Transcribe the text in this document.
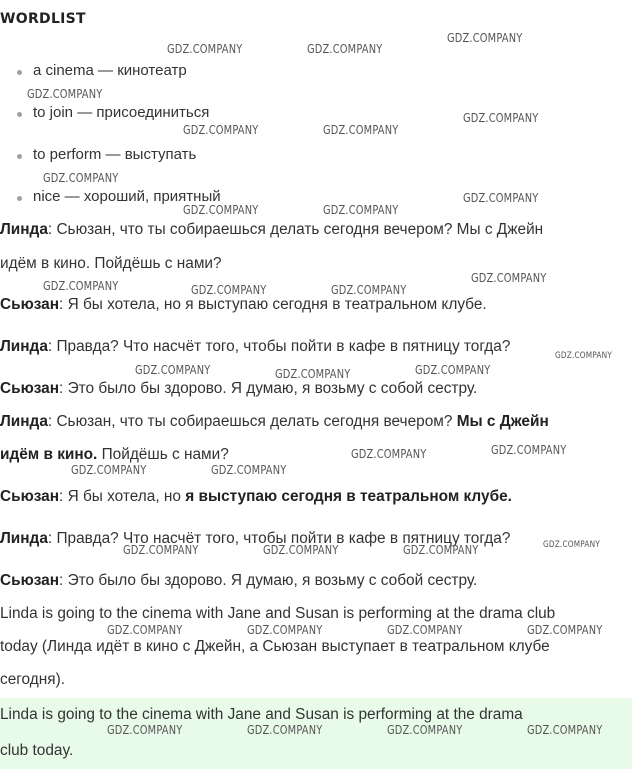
WORDLIST
a cinema — кинотеатр
to join — присоединиться
to perform — выступать
nice — хороший, приятный
Линда: Сьюзан, что ты собираешься делать сегодня вечером? Мы с Джейн
идём в кино. Пойдёшь с нами?
Сьюзан: Я бы хотела, но я выступаю сегодня в театральном клубе.
Линда: Правда? Что насчёт того, чтобы пойти в кафе в пятницу тогда?
Сьюзан: Это было бы здорово. Я думаю, я возьму с собой сестру.
Линда: Сьюзан, что ты собираешься делать сегодня вечером? Мы с Джейн
идём в кино. Пойдёшь с нами?
Сьюзан: Я бы хотела, но я выступаю сегодня в театральном клубе.
Линда: Правда? Что насчёт того, чтобы пойти в кафе в пятницу тогда?
Сьюзан: Это было бы здорово. Я думаю, я возьму с собой сестру.
Linda is going to the cinema with Jane and Susan is performing at the drama club
today (Линда идёт в кино с Джейн, а Сьюзан выступает в театральном клубе
сегодня).
Linda is going to the cinema with Jane and Susan is performing at the drama
club today.
GDZ.COMPANY	GDZ.COMPANY
GDZ.COMPANY
GDZ.COMPANY
GDZ.COMPANY	GDZ.COMPANY
GDZ.COMPANY
GDZ.COMPANY
GDZ.COMPANY	GDZ.COMPANY
GDZ.COMPANY
GDZ.COMPANY	GDZ.COMPANY	GDZ.COMPANY
GDZ.COMPANY
GDZ.COMPANY
GDZ.COMPANY	GDZ.COMPANY	GDZ.COMPANY
GDZ.COMPANY	GDZ.COMPANY
GDZ.COMPANY	GDZ.COMPANY
GDZ.COMPANY	GDZ.COMPANY	GDZ.COMPANY	GDZ.COMPANY
GDZ.COMPANY	GDZ.COMPANY	GDZ.COMPANY	GDZ.COMPANY
GDZ.COMPANY	GDZ.COMPANY	GDZ.COMPANY	GDZ.COMPANY
